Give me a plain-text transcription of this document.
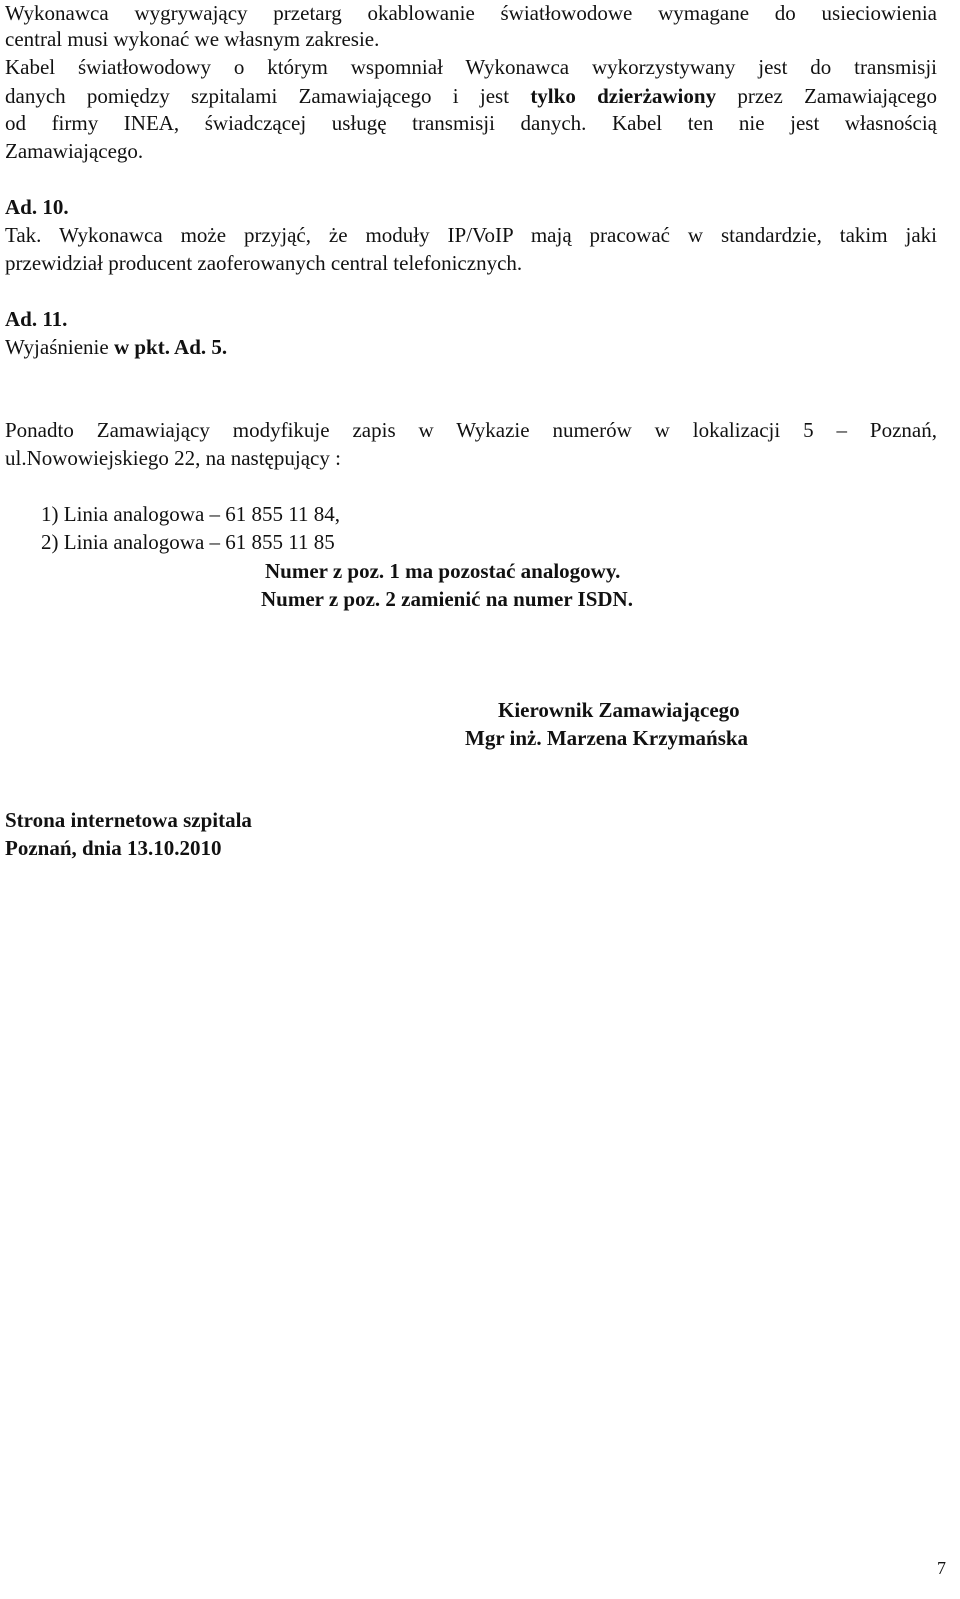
Wykonawca wygrywający przetarg okablowanie światłowodowe wymagane do usieciowienia
central musi wykonać we własnym zakresie.
Kabel światłowodowy o którym wspomniał Wykonawca wykorzystywany jest do transmisji
danych pomiędzy szpitalami Zamawiającego i jest tylko dzierżawiony przez Zamawiającego
od firmy INEA, świadczącej usługę transmisji danych. Kabel ten nie jest własnością
Zamawiającego.
Ad. 10.
Tak. Wykonawca może przyjąć, że moduły IP/VoIP mają pracować w standardzie, takim jaki
przewidział producent zaoferowanych central telefonicznych.
Ad. 11.
Wyjaśnienie w pkt. Ad. 5.
Ponadto Zamawiający modyfikuje zapis w Wykazie numerów w lokalizacji 5 – Poznań,
ul.Nowowiejskiego 22, na następujący :
1) Linia analogowa – 61 855 11 84,
2) Linia analogowa – 61 855 11 85
Numer z poz. 1 ma pozostać analogowy.
Numer z poz. 2 zamienić na numer ISDN.
Kierownik Zamawiającego
Mgr inż. Marzena Krzymańska
Strona internetowa szpitala
Poznań, dnia 13.10.2010
7
